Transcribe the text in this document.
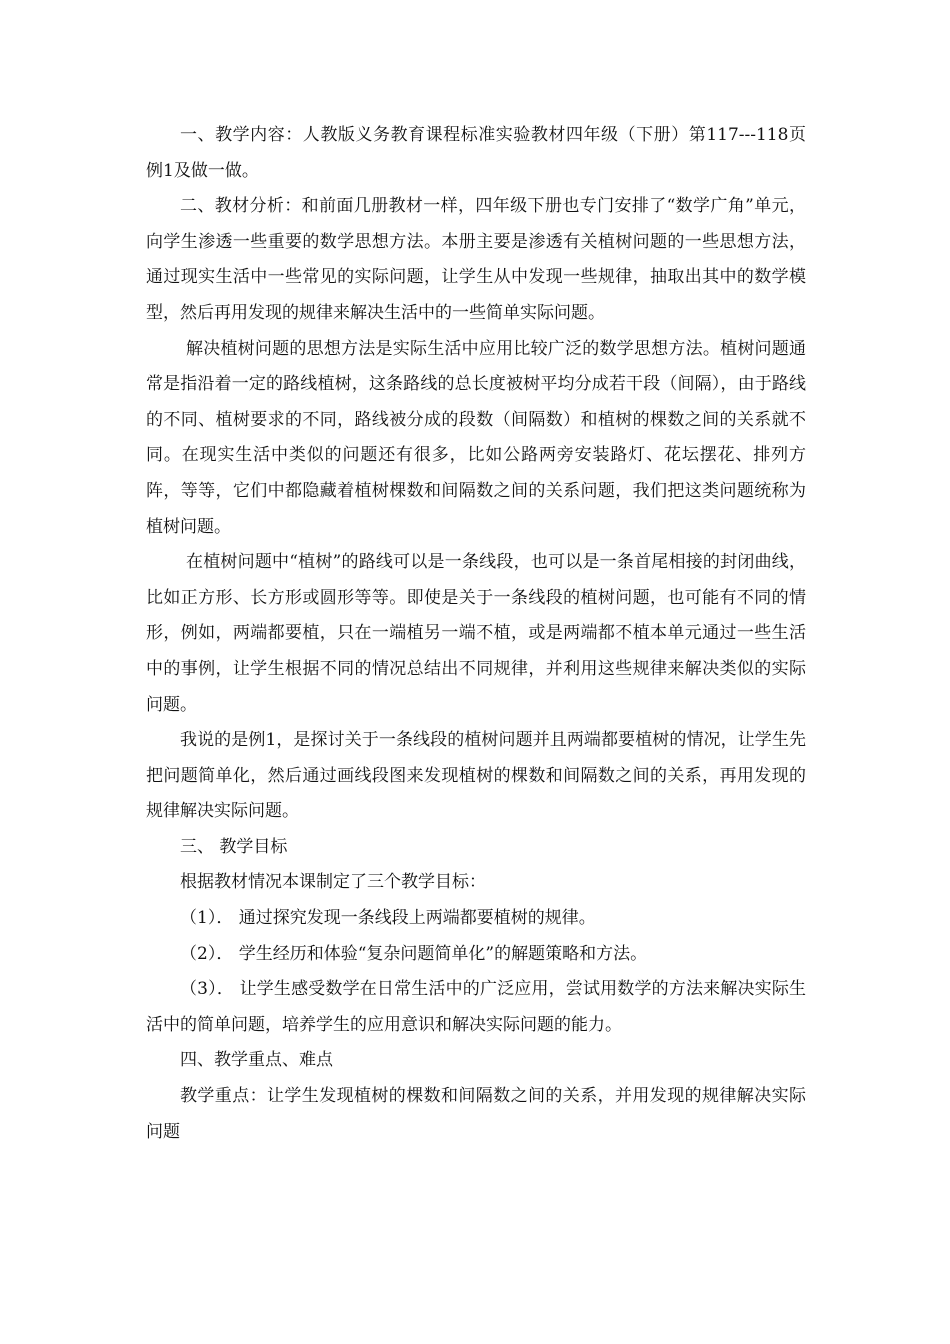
一、教学内容：人教版义务教育课程标准实验教材四年级（下册）第117---118页例1及做一做。

二、教材分析：和前面几册教材一样，四年级下册也专门安排了“数学广角”单元，向学生渗透一些重要的数学思想方法。本册主要是渗透有关植树问题的一些思想方法，通过现实生活中一些常见的实际问题，让学生从中发现一些规律，抽取出其中的数学模型，然后再用发现的规律来解决生活中的一些简单实际问题。

解决植树问题的思想方法是实际生活中应用比较广泛的数学思想方法。植树问题通常是指沿着一定的路线植树，这条路线的总长度被树平均分成若干段（间隔），由于路线的不同、植树要求的不同，路线被分成的段数（间隔数）和植树的棵数之间的关系就不同。在现实生活中类似的问题还有很多，比如公路两旁安装路灯、花坛摆花、排列方阵，等等，它们中都隐藏着植树棵数和间隔数之间的关系问题，我们把这类问题统称为植树问题。

在植树问题中“植树”的路线可以是一条线段，也可以是一条首尾相接的封闭曲线，比如正方形、长方形或圆形等等。即使是关于一条线段的植树问题，也可能有不同的情形，例如，两端都要植，只在一端植另一端不植，或是两端都不植本单元通过一些生活中的事例，让学生根据不同的情况总结出不同规律，并利用这些规律来解决类似的实际问题。

我说的是例1，是探讨关于一条线段的植树问题并且两端都要植树的情况，让学生先把问题简单化，然后通过画线段图来发现植树的棵数和间隔数之间的关系，再用发现的规律解决实际问题。

三、 教学目标

根据教材情况本课制定了三个教学目标：

（1）． 通过探究发现一条线段上两端都要植树的规律。

（2）． 学生经历和体验“复杂问题简单化”的解题策略和方法。

（3）． 让学生感受数学在日常生活中的广泛应用，尝试用数学的方法来解决实际生活中的简单问题，培养学生的应用意识和解决实际问题的能力。

四、教学重点、难点

教学重点：让学生发现植树的棵数和间隔数之间的关系，并用发现的规律解决实际问题
